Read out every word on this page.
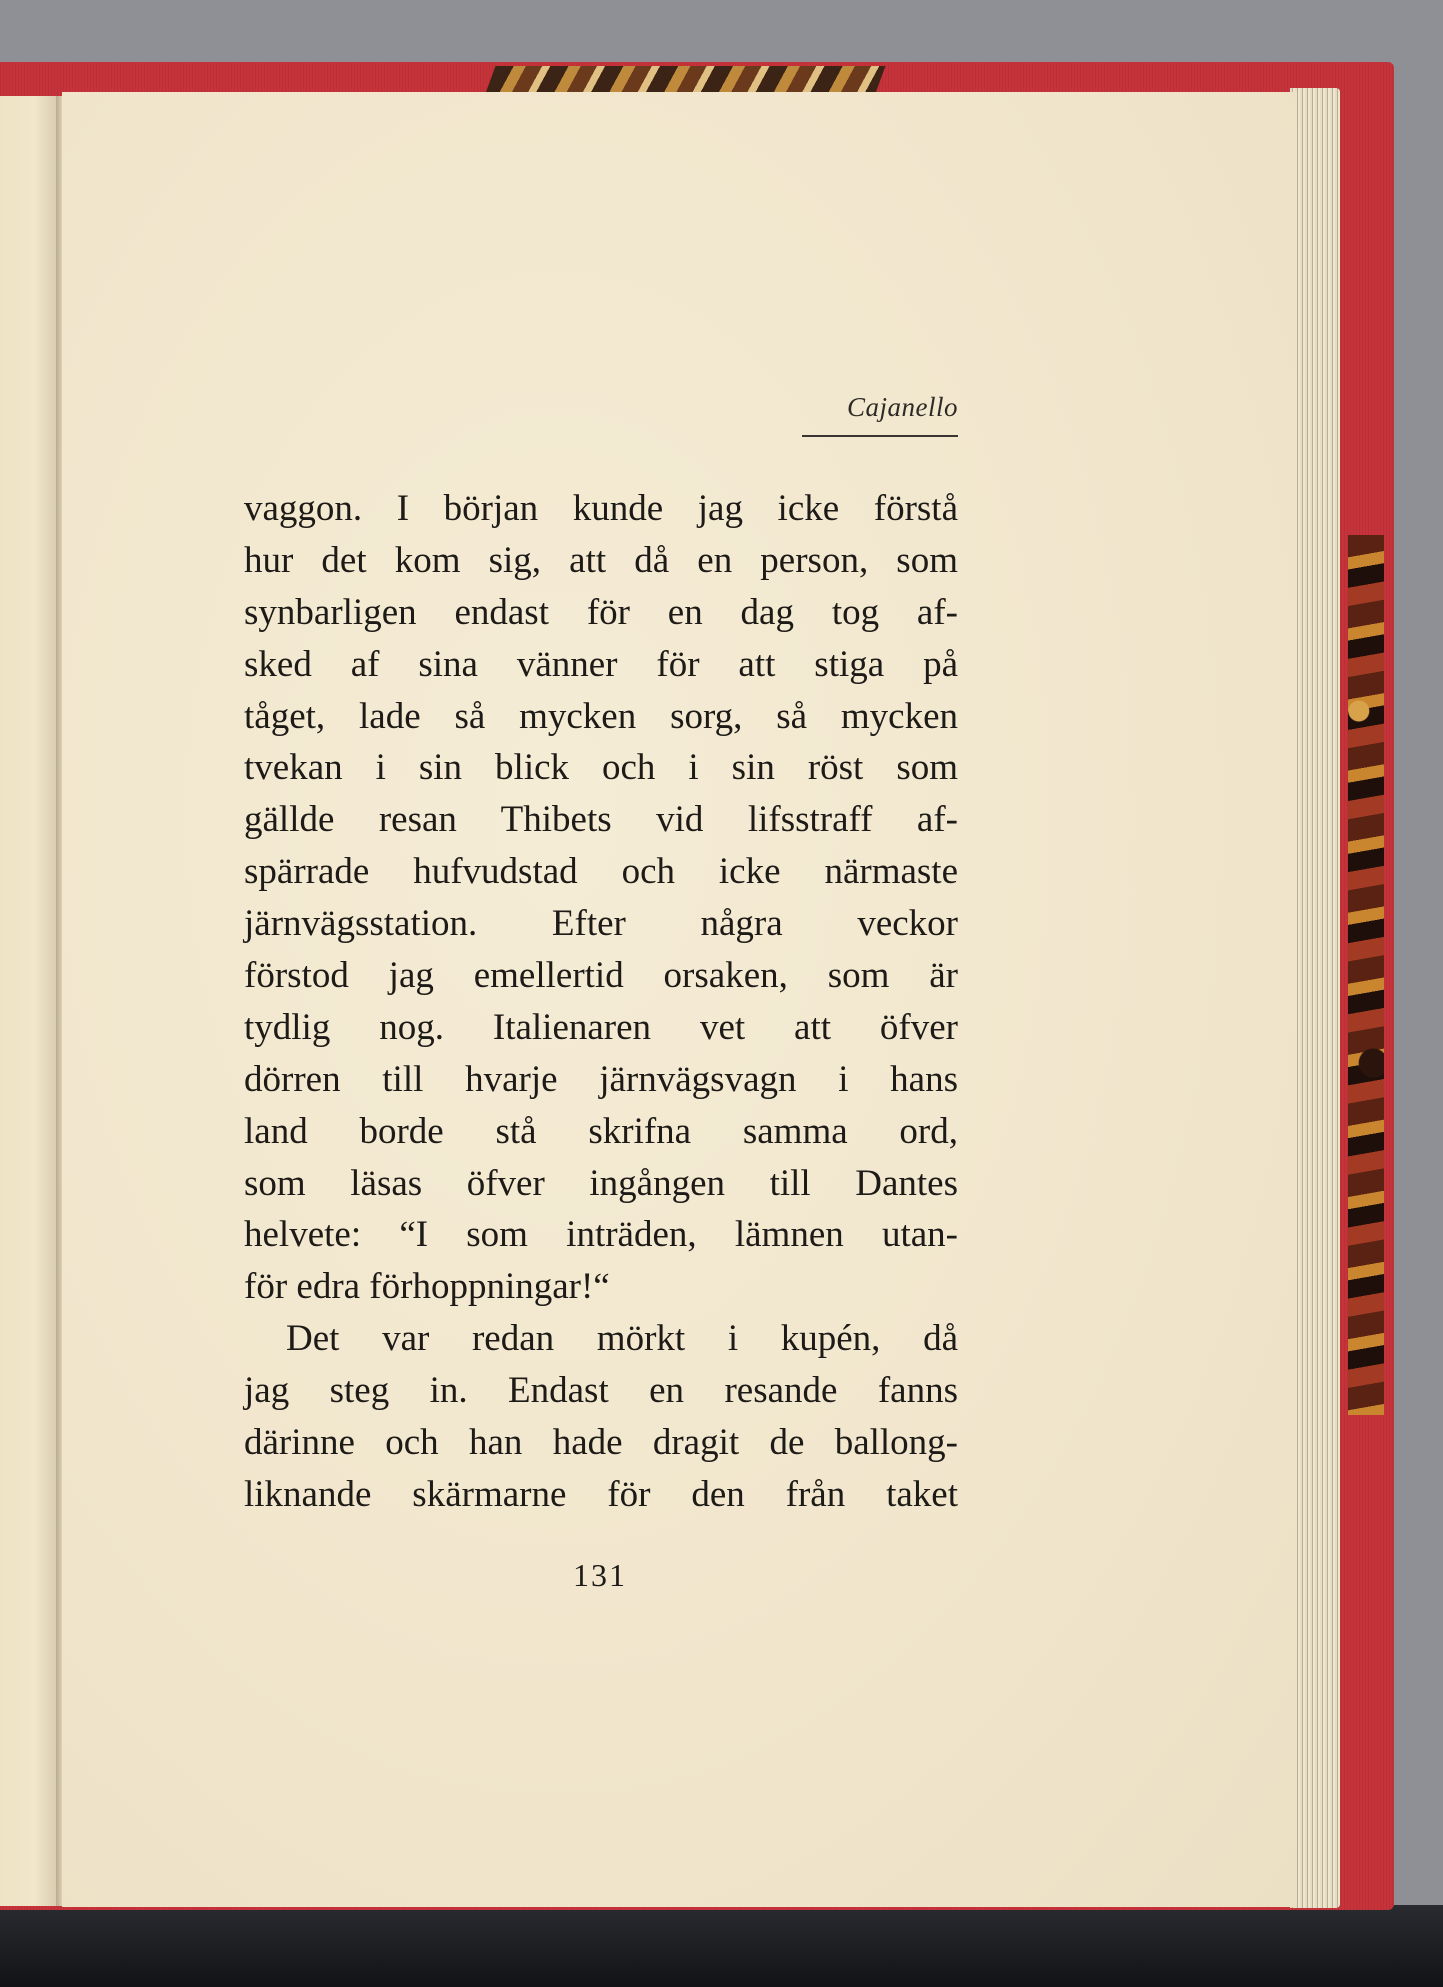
Cajanello
vaggon. I början kunde jag icke förstå
hur det kom sig, att då en person, som
synbarligen endast för en dag tog af-
sked af sina vänner för att stiga på
tåget, lade så mycken sorg, så mycken
tvekan i sin blick och i sin röst som
gällde resan Thibets vid lifsstraff af-
spärrade hufvudstad och icke närmaste
järnvägsstation. Efter några veckor
förstod jag emellertid orsaken, som är
tydlig nog. Italienaren vet att öfver
dörren till hvarje järnvägsvagn i hans
land borde stå skrifna samma ord,
som läsas öfver ingången till Dantes
helvete: “I som inträden, lämnen utan-
för edra förhoppningar!“
Det var redan mörkt i kupén, då
jag steg in. Endast en resande fanns
därinne och han hade dragit de ballong-
liknande skärmarne för den från taket
131
